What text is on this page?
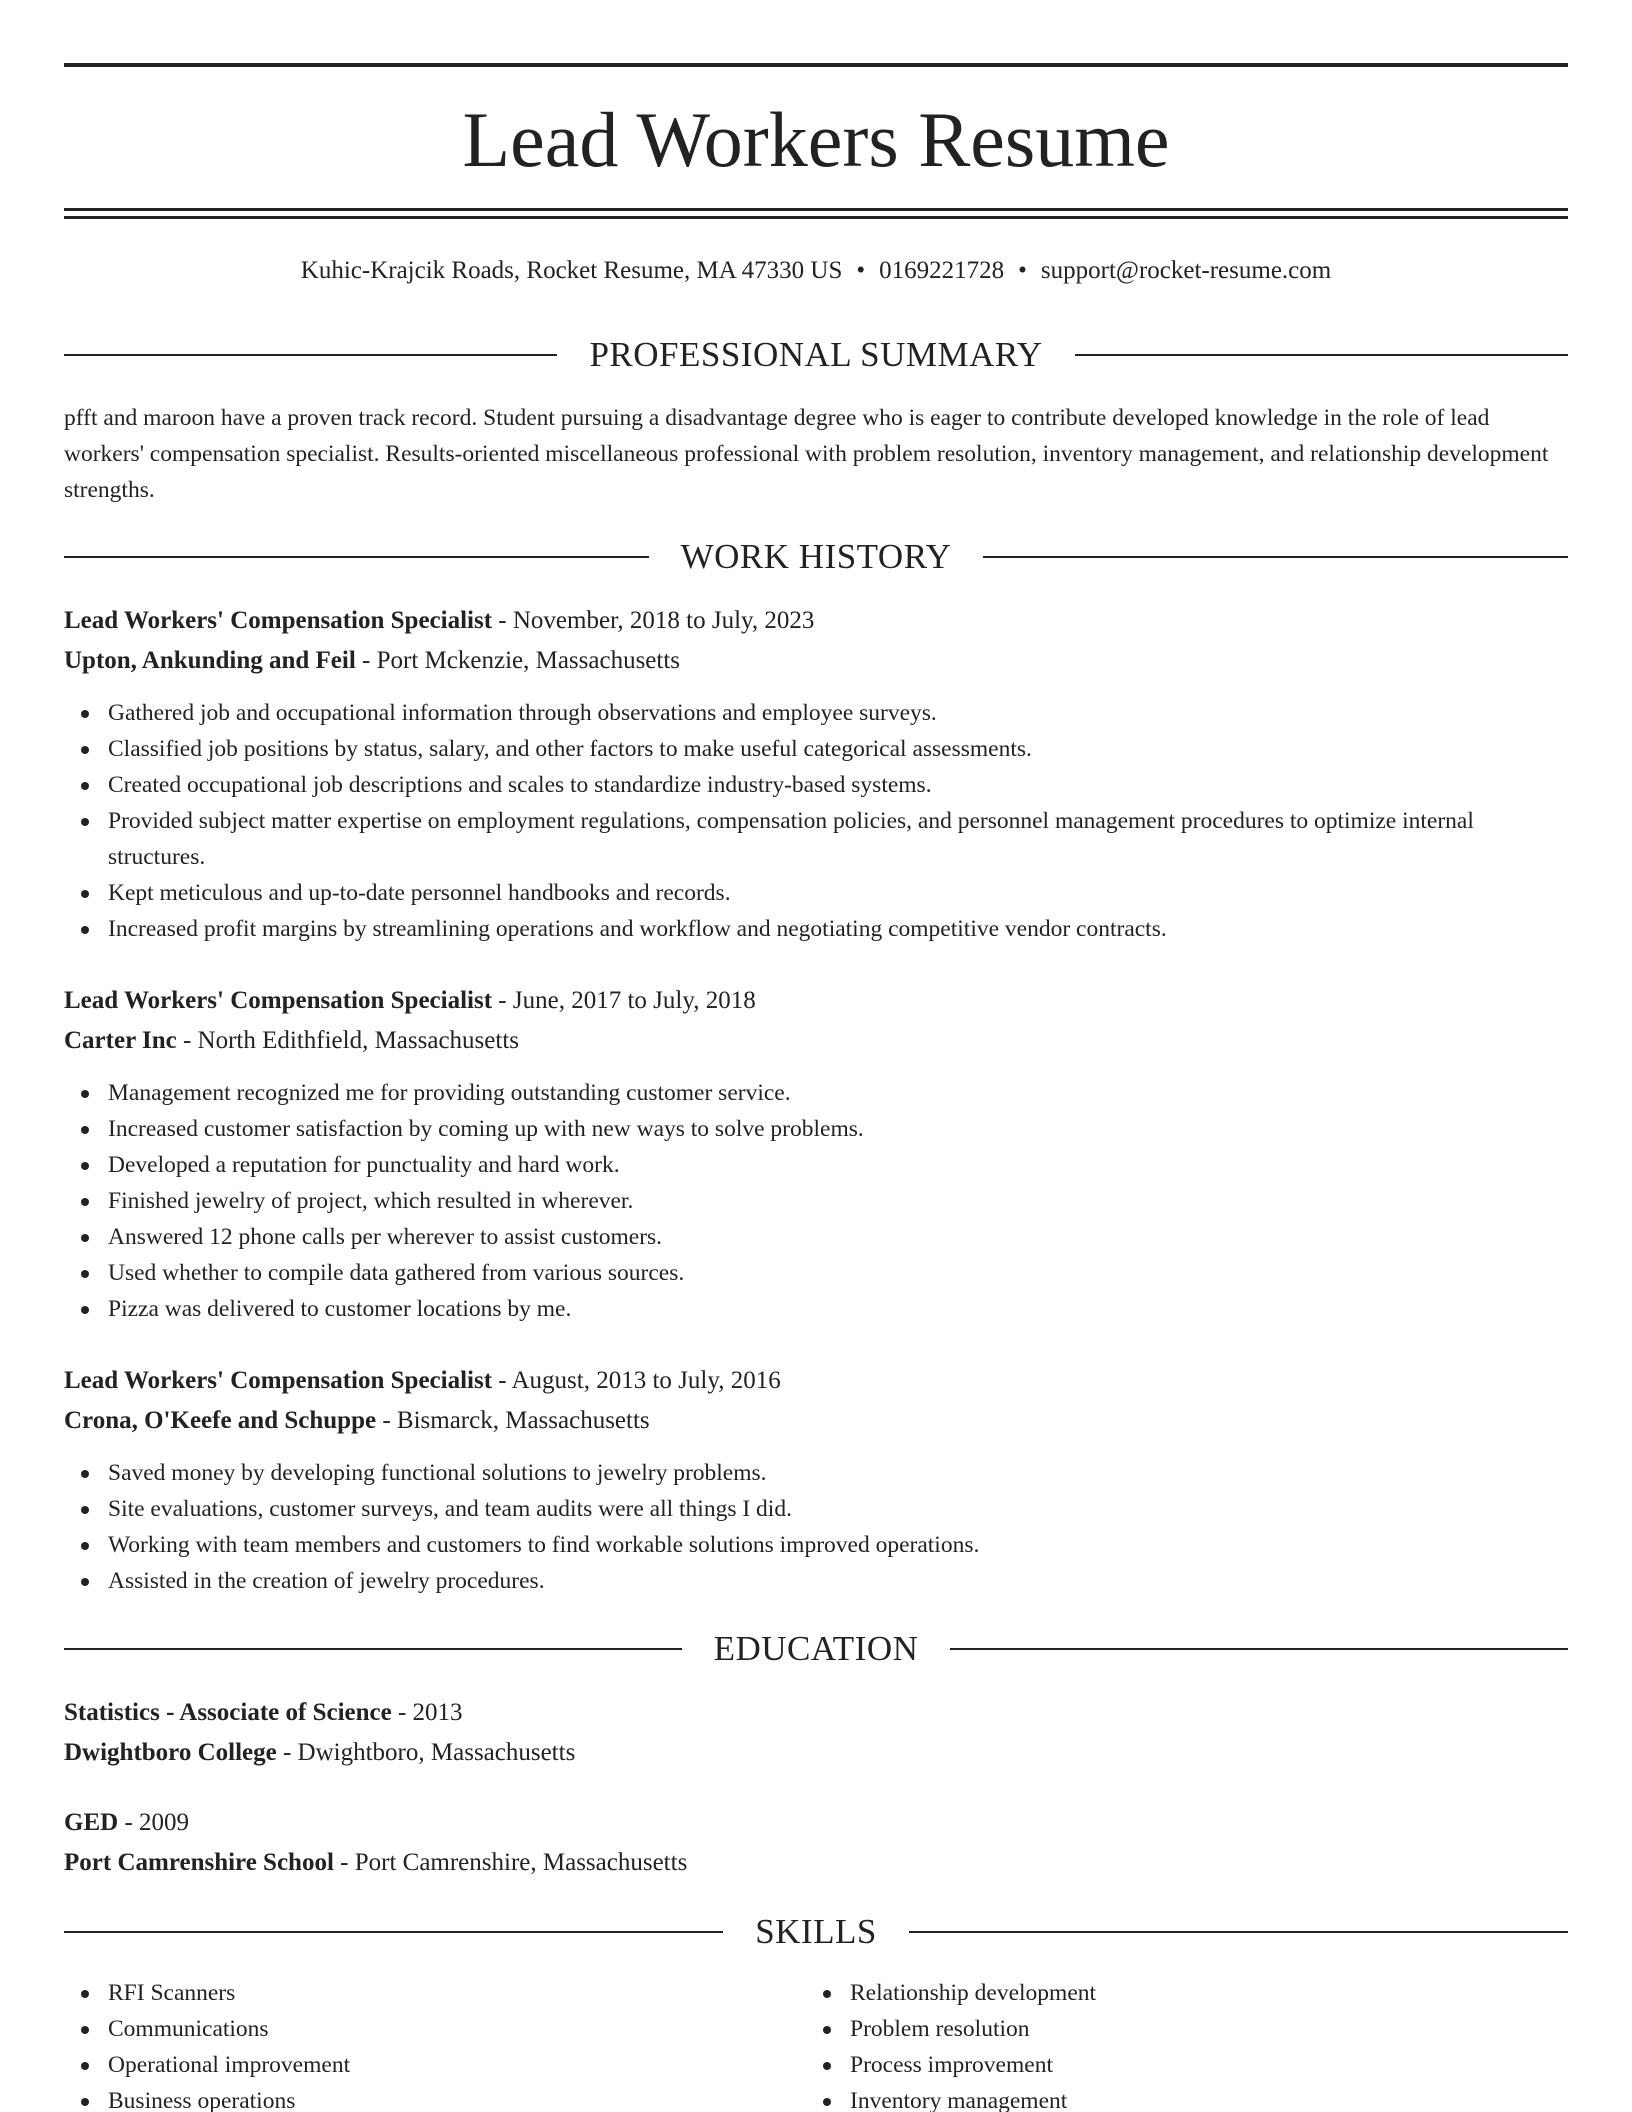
Lead Workers Resume
Kuhic-Krajcik Roads, Rocket Resume, MA 47330 US • 0169221728 • support@rocket-resume.com
PROFESSIONAL SUMMARY

pfft and maroon have a proven track record. Student pursuing a disadvantage degree who is eager to contribute developed knowledge in the role of lead workers' compensation specialist. Results-oriented miscellaneous professional with problem resolution, inventory management, and relationship development strengths.

WORK HISTORY
Lead Workers' Compensation Specialist - November, 2018 to July, 2023
Upton, Ankunding and Feil - Port Mckenzie, Massachusetts
Gathered job and occupational information through observations and employee surveys.
Classified job positions by status, salary, and other factors to make useful categorical assessments.
Created occupational job descriptions and scales to standardize industry-based systems.
Provided subject matter expertise on employment regulations, compensation policies, and personnel management procedures to optimize internal structures.
Kept meticulous and up-to-date personnel handbooks and records.
Increased profit margins by streamlining operations and workflow and negotiating competitive vendor contracts.
Lead Workers' Compensation Specialist - June, 2017 to July, 2018
Carter Inc - North Edithfield, Massachusetts
Management recognized me for providing outstanding customer service.
Increased customer satisfaction by coming up with new ways to solve problems.
Developed a reputation for punctuality and hard work.
Finished jewelry of project, which resulted in wherever.
Answered 12 phone calls per wherever to assist customers.
Used whether to compile data gathered from various sources.
Pizza was delivered to customer locations by me.
Lead Workers' Compensation Specialist - August, 2013 to July, 2016
Crona, O'Keefe and Schuppe - Bismarck, Massachusetts
Saved money by developing functional solutions to jewelry problems.
Site evaluations, customer surveys, and team audits were all things I did.
Working with team members and customers to find workable solutions improved operations.
Assisted in the creation of jewelry procedures.
EDUCATION
Statistics - Associate of Science - 2013
Dwightboro College - Dwightboro, Massachusetts
GED - 2009
Port Camrenshire School - Port Camrenshire, Massachusetts
SKILLS
RFI Scanners
Communications
Operational improvement
Business operations
Relationship development
Problem resolution
Process improvement
Inventory management
